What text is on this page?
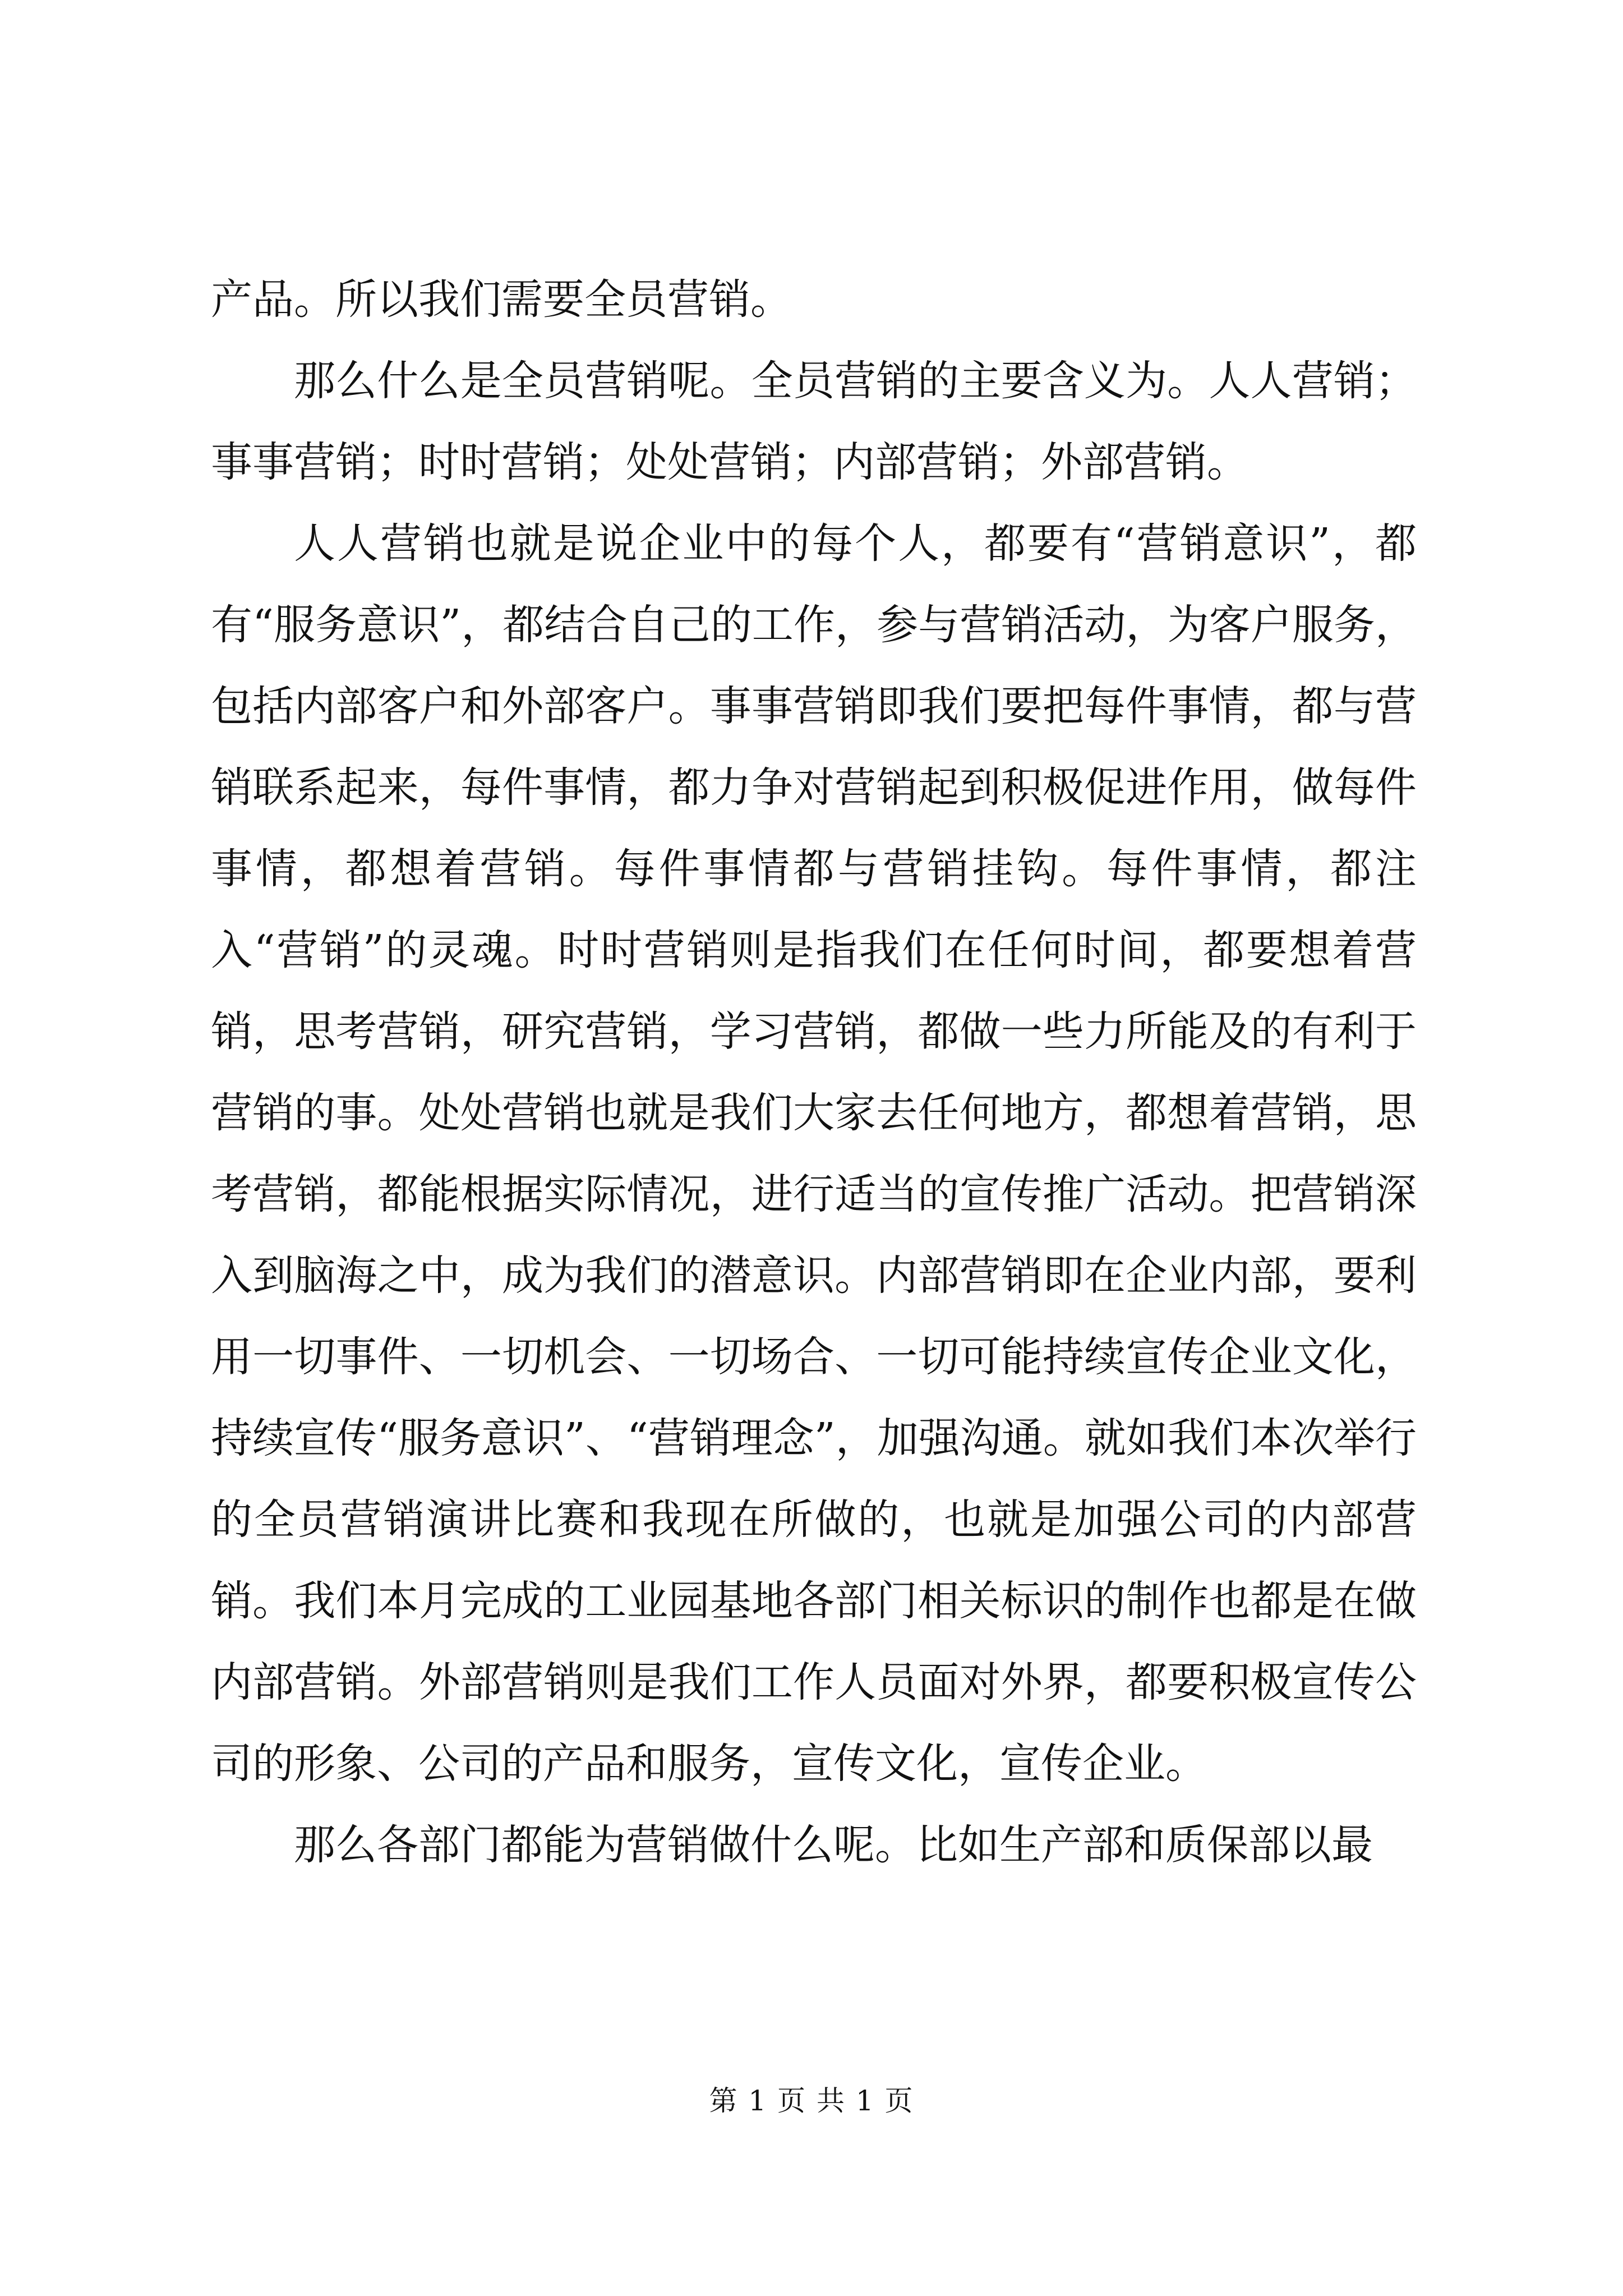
产品。所以我们需要全员营销。

那么什么是全员营销呢。全员营销的主要含义为。人人营销；事事营销；时时营销；处处营销；内部营销；外部营销。

人人营销也就是说企业中的每个人，都要有“营销意识”，都有“服务意识”，都结合自己的工作，参与营销活动，为客户服务，包括内部客户和外部客户。事事营销即我们要把每件事情，都与营销联系起来，每件事情，都力争对营销起到积极促进作用，做每件事情，都想着营销。每件事情都与营销挂钩。每件事情，都注入“营销”的灵魂。时时营销则是指我们在任何时间，都要想着营销，思考营销，研究营销，学习营销，都做一些力所能及的有利于营销的事。处处营销也就是我们大家去任何地方，都想着营销，思考营销，都能根据实际情况，进行适当的宣传推广活动。把营销深入到脑海之中，成为我们的潜意识。内部营销即在企业内部，要利用一切事件、一切机会、一切场合、一切可能持续宣传企业文化，持续宣传“服务意识”、“营销理念”，加强沟通。就如我们本次举行的全员营销演讲比赛和我现在所做的，也就是加强公司的内部营销。我们本月完成的工业园基地各部门相关标识的制作也都是在做内部营销。外部营销则是我们工作人员面对外界，都要积极宣传公司的形象、公司的产品和服务，宣传文化，宣传企业。

那么各部门都能为营销做什么呢。比如生产部和质保部以最

第 1 页 共 1 页
